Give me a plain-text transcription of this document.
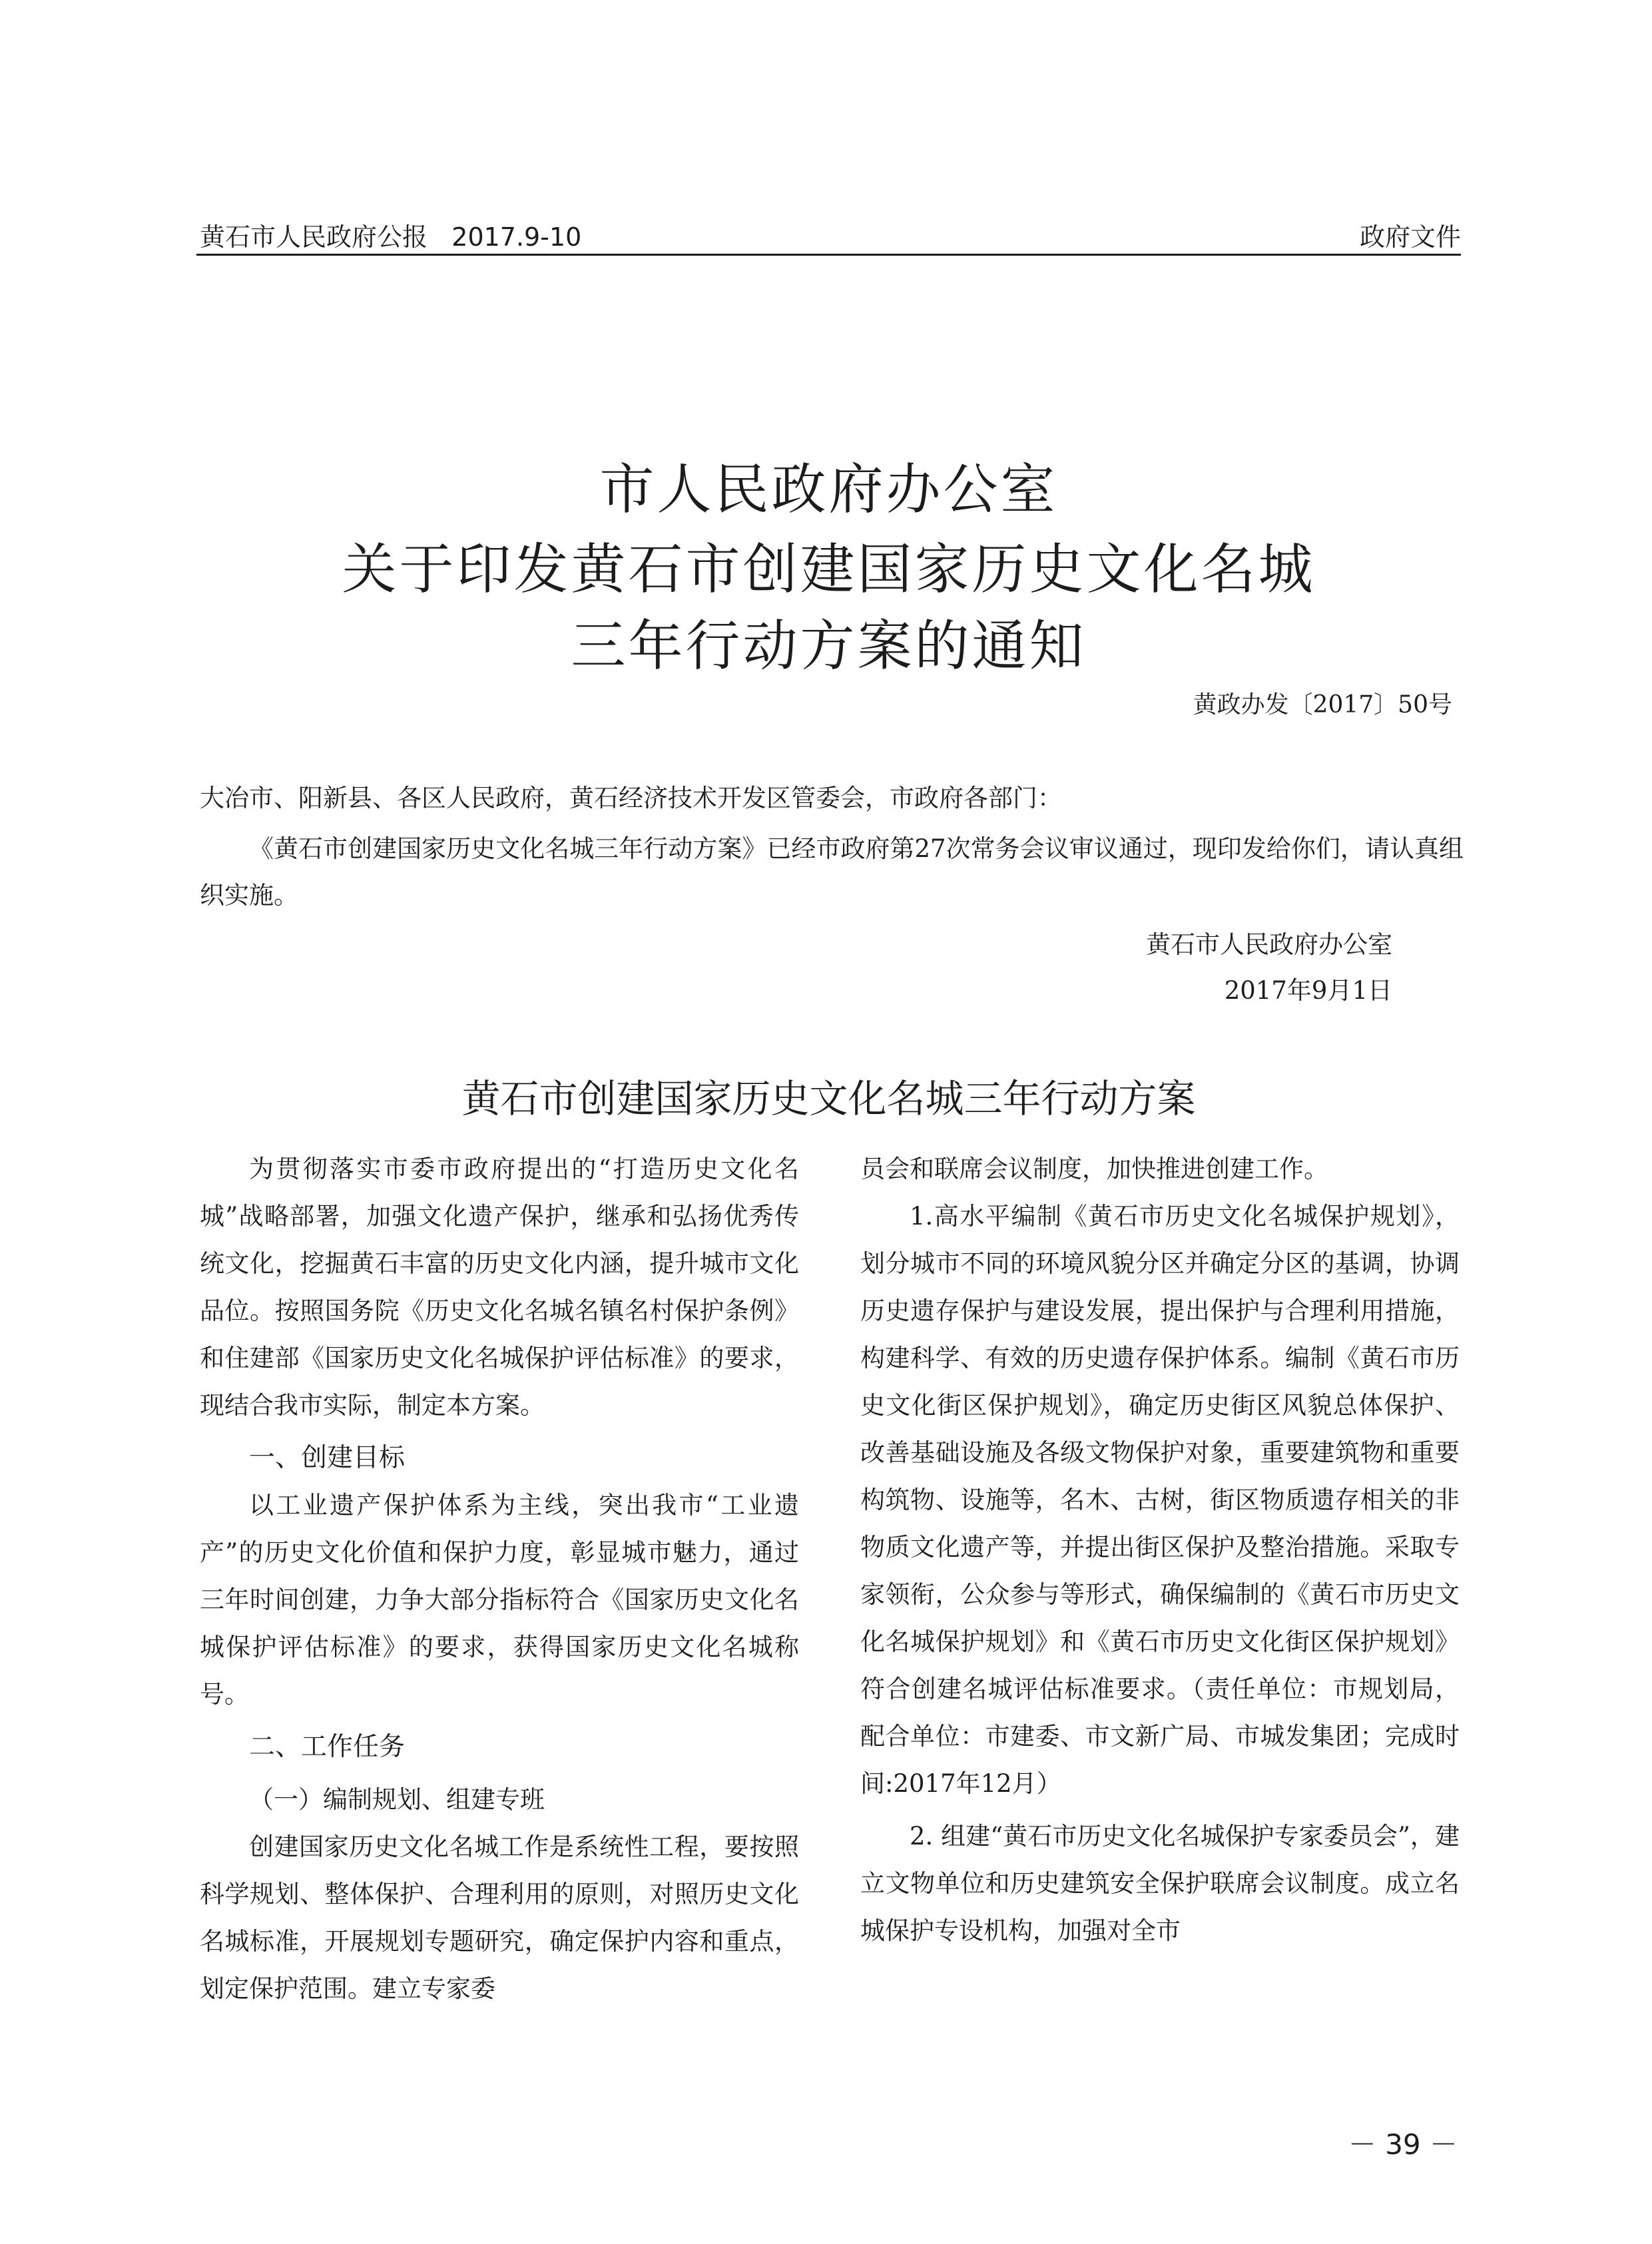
黄石市人民政府公报 2017.9-10	政府文件
市人民政府办公室
关于印发黄石市创建国家历史文化名城
三年行动方案的通知
黄政办发〔2017〕50号
大冶市、阳新县、各区人民政府，黄石经济技术开发区管委会，市政府各部门：

《黄石市创建国家历史文化名城三年行动方案》已经市政府第27次常务会议审议通过，现印发给你们，请认真组织实施。

黄石市人民政府办公室
2017年9月1日
黄石市创建国家历史文化名城三年行动方案

为贯彻落实市委市政府提出的“打造历史文化名城”战略部署，加强文化遗产保护，继承和弘扬优秀传统文化，挖掘黄石丰富的历史文化内涵，提升城市文化品位。按照国务院《历史文化名城名镇名村保护条例》和住建部《国家历史文化名城保护评估标准》的要求，现结合我市实际，制定本方案。

一、创建目标

以工业遗产保护体系为主线，突出我市“工业遗产”的历史文化价值和保护力度，彰显城市魅力，通过三年时间创建，力争大部分指标符合《国家历史文化名城保护评估标准》的要求，获得国家历史文化名城称号。

二、工作任务

（一）编制规划、组建专班

创建国家历史文化名城工作是系统性工程，要按照科学规划、整体保护、合理利用的原则，对照历史文化名城标准，开展规划专题研究，确定保护内容和重点，划定保护范围。建立专家委

员会和联席会议制度，加快推进创建工作。

1.高水平编制《黄石市历史文化名城保护规划》，划分城市不同的环境风貌分区并确定分区的基调，协调历史遗存保护与建设发展，提出保护与合理利用措施，构建科学、有效的历史遗存保护体系。编制《黄石市历史文化街区保护规划》，确定历史街区风貌总体保护、改善基础设施及各级文物保护对象，重要建筑物和重要构筑物、设施等，名木、古树，街区物质遗存相关的非物质文化遗产等，并提出街区保护及整治措施。采取专家领衔，公众参与等形式，确保编制的《黄石市历史文化名城保护规划》和《黄石市历史文化街区保护规划》符合创建名城评估标准要求。（责任单位：市规划局，配合单位：市建委、市文新广局、市城发集团；完成时间:2017年12月）

2. 组建“黄石市历史文化名城保护专家委员会”，建立文物单位和历史建筑安全保护联席会议制度。成立名城保护专设机构，加强对全市

－ 39 －
